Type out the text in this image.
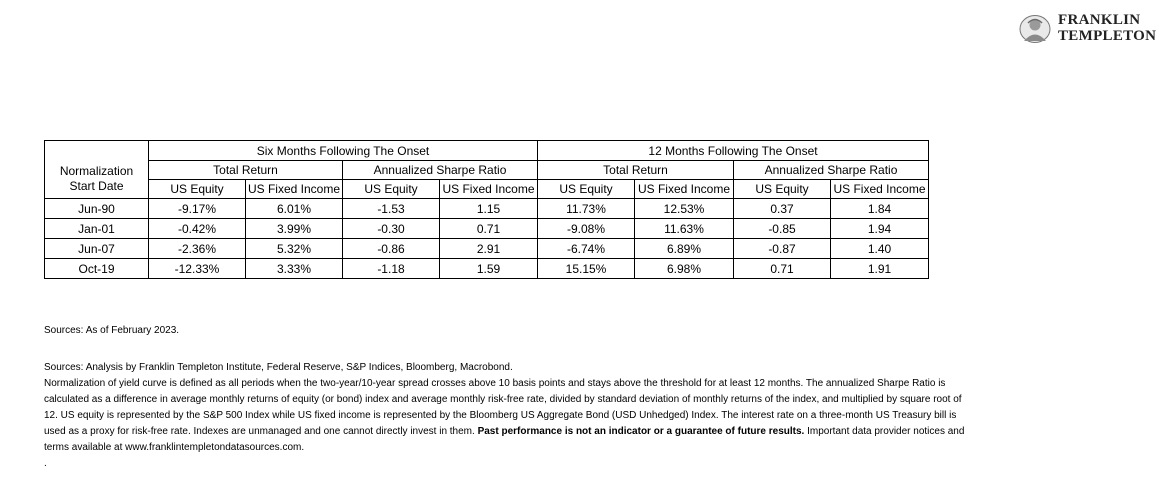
FRANKLIN
TEMPLETON
	Six Months Following The Onset				12 Months Following The Onset			
Normalization
Start Date	Total Return		Annualized Sharpe Ratio		Total Return		Annualized Sharpe Ratio	
	US Equity	US Fixed Income	US Equity	US Fixed Income	US Equity	US Fixed Income	US Equity	US Fixed Income
Jun-90	-9.17%	6.01%	-1.53	1.15	11.73%	12.53%	0.37	1.84
Jan-01	-0.42%	3.99%	-0.30	0.71	-9.08%	11.63%	-0.85	1.94
Jun-07	-2.36%	5.32%	-0.86	2.91	-6.74%	6.89%	-0.87	1.40
Oct-19	-12.33%	3.33%	-1.18	1.59	15.15%	6.98%	0.71	1.91
Sources: As of February 2023.
Sources: Analysis by Franklin Templeton Institute, Federal Reserve, S&P Indices, Bloomberg, Macrobond.
Normalization of yield curve is defined as all periods when the two-year/10-year spread crosses above 10 basis points and stays above the threshold for at least 12 months. The annualized Sharpe Ratio is calculated as a difference in average monthly returns of equity (or bond) index and average monthly risk-free rate, divided by standard deviation of monthly returns of the index, and multiplied by square root of 12. US equity is represented by the S&P 500 Index while US fixed income is represented by the Bloomberg US Aggregate Bond (USD Unhedged) Index. The interest rate on a three-month US Treasury bill is used as a proxy for risk-free rate. Indexes are unmanaged and one cannot directly invest in them. Past performance is not an indicator or a guarantee of future results. Important data provider notices and terms available at www.franklintempletondatasources.com.
.
